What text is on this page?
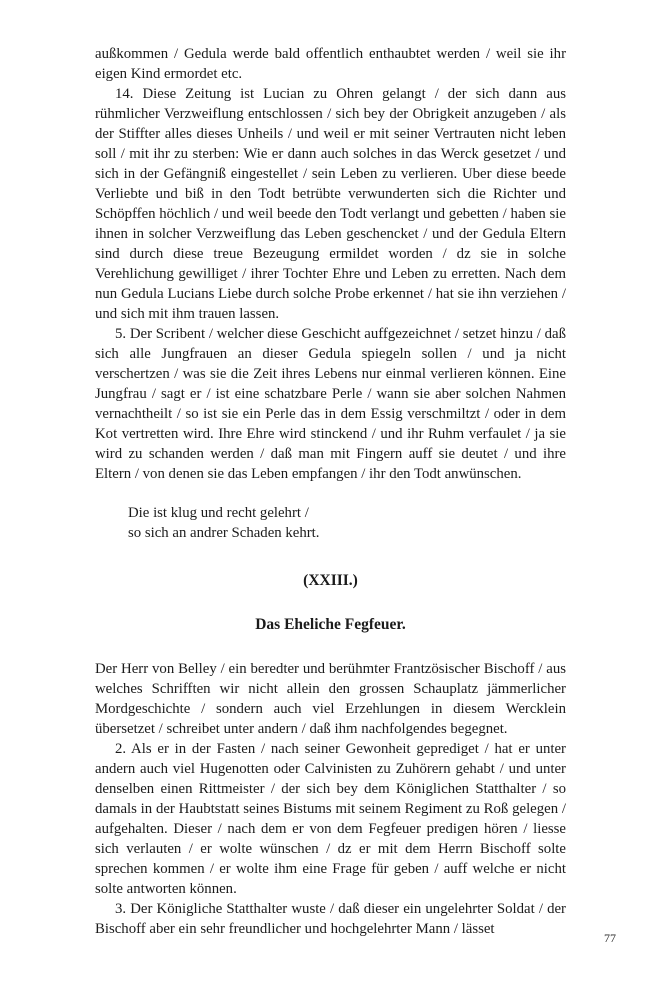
außkommen / Gedula werde bald offentlich enthaubtet werden / weil sie ihr eigen Kind ermordet etc.

14. Diese Zeitung ist Lucian zu Ohren gelangt / der sich dann aus rühmlicher Verzweiflung entschlossen / sich bey der Obrigkeit anzugeben / als der Stiffter alles dieses Unheils / und weil er mit seiner Vertrauten nicht leben soll / mit ihr zu sterben: Wie er dann auch solches in das Werck gesetzet / und sich in der Gefängniß eingestellet / sein Leben zu verlieren. Uber diese beede Verliebte und biß in den Todt betrübte verwunderten sich die Richter und Schöpffen höchlich / und weil beede den Todt verlangt und gebetten / haben sie ihnen in solcher Verzweiflung das Leben geschencket / und der Gedula Eltern sind durch diese treue Bezeugung ermildet worden / dz sie in solche Verehlichung gewilliget / ihrer Tochter Ehre und Leben zu erretten. Nach dem nun Gedula Lucians Liebe durch solche Probe erkennet / hat sie ihn verziehen / und sich mit ihm trauen lassen.

5. Der Scribent / welcher diese Geschicht auffgezeichnet / setzet hinzu / daß sich alle Jungfrauen an dieser Gedula spiegeln sollen / und ja nicht verschertzen / was sie die Zeit ihres Lebens nur einmal verlieren können. Eine Jungfrau / sagt er / ist eine schatzbare Perle / wann sie aber solchen Nahmen vernachtheilt / so ist sie ein Perle das in dem Essig verschmiltzt / oder in dem Kot vertretten wird. Ihre Ehre wird stinckend / und ihr Ruhm verfaulet / ja sie wird zu schanden werden / daß man mit Fingern auff sie deutet / und ihre Eltern / von denen sie das Leben empfangen / ihr den Todt anwünschen.

Die ist klug und recht gelehrt /
so sich an andrer Schaden kehrt.
(XXIII.)
Das Eheliche Fegfeuer.

Der Herr von Belley / ein beredter und berühmter Frantzösischer Bischoff / aus welches Schrifften wir nicht allein den grossen Schauplatz jämmerlicher Mordgeschichte / sondern auch viel Erzehlungen in diesem Wercklein übersetzet / schreibet unter andern / daß ihm nachfolgendes begegnet.

2. Als er in der Fasten / nach seiner Gewonheit geprediget / hat er unter andern auch viel Hugenotten oder Calvinisten zu Zuhörern gehabt / und unter denselben einen Rittmeister / der sich bey dem Königlichen Statthalter / so damals in der Haubtstatt seines Bistums mit seinem Regiment zu Roß gelegen / aufgehalten. Dieser / nach dem er von dem Fegfeuer predigen hören / liesse sich verlauten / er wolte wünschen / dz er mit dem Herrn Bischoff solte sprechen kommen / er wolte ihm eine Frage für geben / auff welche er nicht solte antworten können.

3. Der Königliche Statthalter wuste / daß dieser ein ungelehrter Soldat / der Bischoff aber ein sehr freundlicher und hochgelehrter Mann / lässet

77
